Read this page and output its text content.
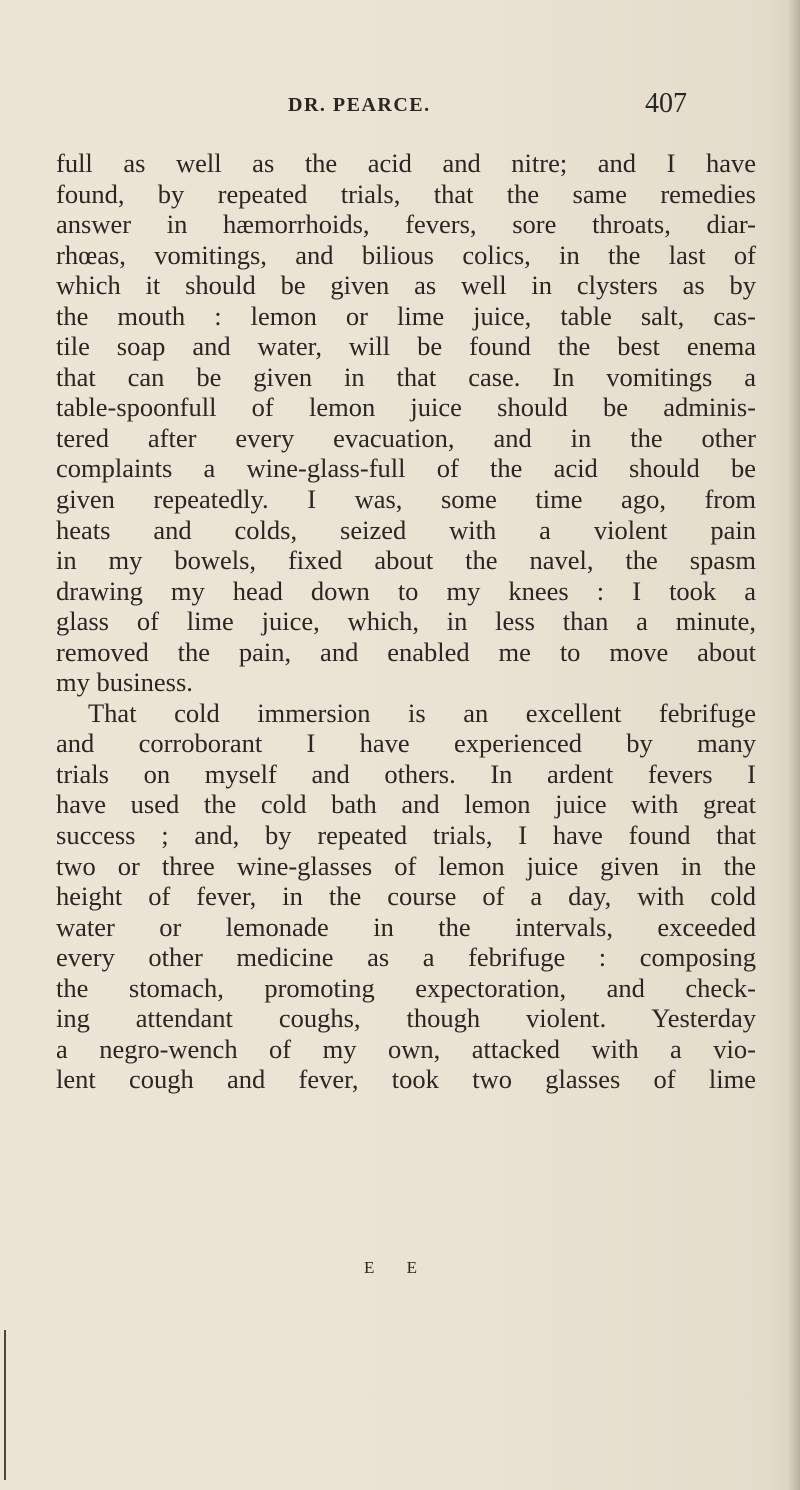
DR. PEARCE.	407
full as well as the acid and nitre; and I have
found, by repeated trials, that the same remedies
answer in hæmorrhoids, fevers, sore throats, diar-
rhœas, vomitings, and bilious colics, in the last of
which it should be given as well in clysters as by
the mouth : lemon or lime juice, table salt, cas-
tile soap and water, will be found the best enema
that can be given in that case. In vomitings a
table-spoonfull of lemon juice should be adminis-
tered after every evacuation, and in the other
complaints a wine-glass-full of the acid should be
given repeatedly. I was, some time ago, from
heats and colds, seized with a violent pain
in my bowels, fixed about the navel, the spasm
drawing my head down to my knees : I took a
glass of lime juice, which, in less than a minute,
removed the pain, and enabled me to move about
my business.
That cold immersion is an excellent febrifuge
and corroborant I have experienced by many
trials on myself and others. In ardent fevers I
have used the cold bath and lemon juice with great
success ; and, by repeated trials, I have found that
two or three wine-glasses of lemon juice given in the
height of fever, in the course of a day, with cold
water or lemonade in the intervals, exceeded
every other medicine as a febrifuge : composing
the stomach, promoting expectoration, and check-
ing attendant coughs, though violent. Yesterday
a negro-wench of my own, attacked with a vio-
lent cough and fever, took two glasses of lime
E E
